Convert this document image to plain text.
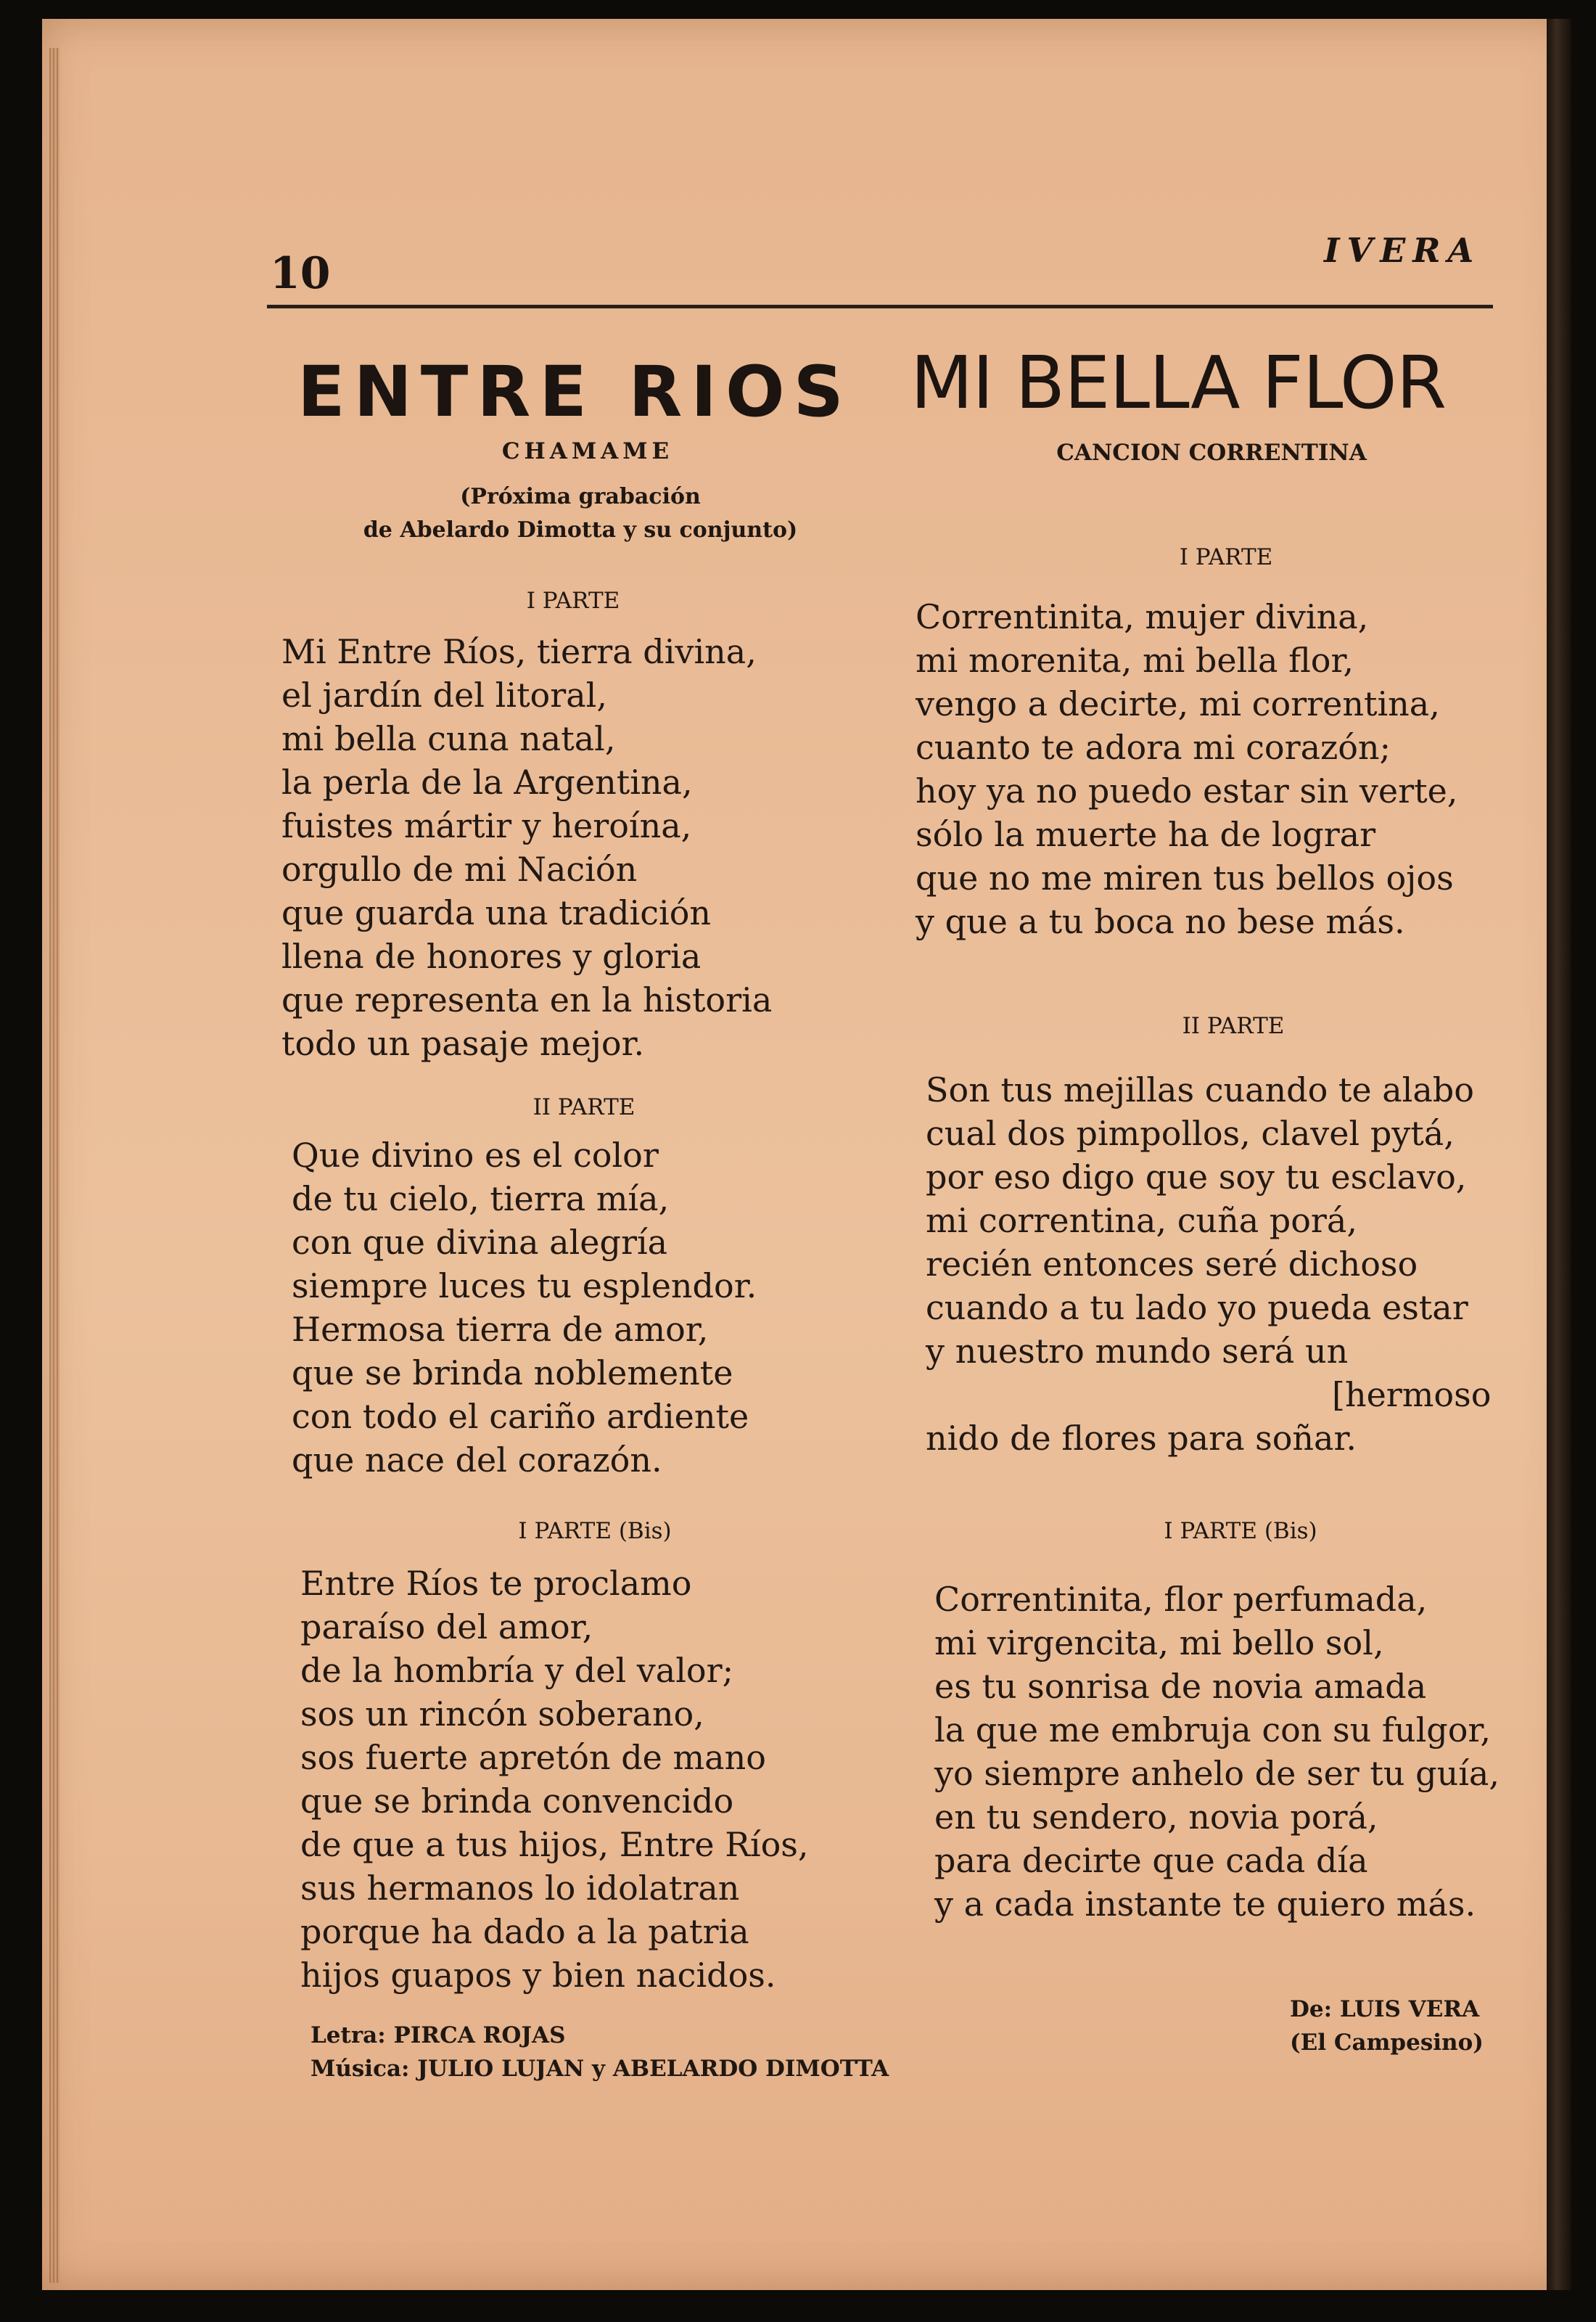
10	IVERA
ENTRE RIOS
CHAMAME
(Próxima grabación
de Abelardo Dimotta y su conjunto)
I PARTE
Mi Entre Ríos, tierra divina,
el jardín del litoral,
mi bella cuna natal,
la perla de la Argentina,
fuistes mártir y heroína,
orgullo de mi Nación
que guarda una tradición
llena de honores y gloria
que representa en la historia
todo un pasaje mejor.
II PARTE
Que divino es el color
de tu cielo, tierra mía,
con que divina alegría
siempre luces tu esplendor.
Hermosa tierra de amor,
que se brinda noblemente
con todo el cariño ardiente
que nace del corazón.
I PARTE (Bis)
Entre Ríos te proclamo
paraíso del amor,
de la hombría y del valor;
sos un rincón soberano,
sos fuerte apretón de mano
que se brinda convencido
de que a tus hijos, Entre Ríos,
sus hermanos lo idolatran
porque ha dado a la patria
hijos guapos y bien nacidos.
Letra: PIRCA ROJAS
Música: JULIO LUJAN y ABELARDO DIMOTTA
MI BELLA FLOR
CANCION CORRENTINA
I PARTE
Correntinita, mujer divina,
mi morenita, mi bella flor,
vengo a decirte, mi correntina,
cuanto te adora mi corazón;
hoy ya no puedo estar sin verte,
sólo la muerte ha de lograr
que no me miren tus bellos ojos
y que a tu boca no bese más.
II PARTE
Son tus mejillas cuando te alabo
cual dos pimpollos, clavel pytá,
por eso digo que soy tu esclavo,
mi correntina, cuña porá,
recién entonces seré dichoso
cuando a tu lado yo pueda estar
y nuestro mundo será un
[hermoso
nido de flores para soñar.
I PARTE (Bis)
Correntinita, flor perfumada,
mi virgencita, mi bello sol,
es tu sonrisa de novia amada
la que me embruja con su fulgor,
yo siempre anhelo de ser tu guía,
en tu sendero, novia porá,
para decirte que cada día
y a cada instante te quiero más.
De: LUIS VERA
(El Campesino)
